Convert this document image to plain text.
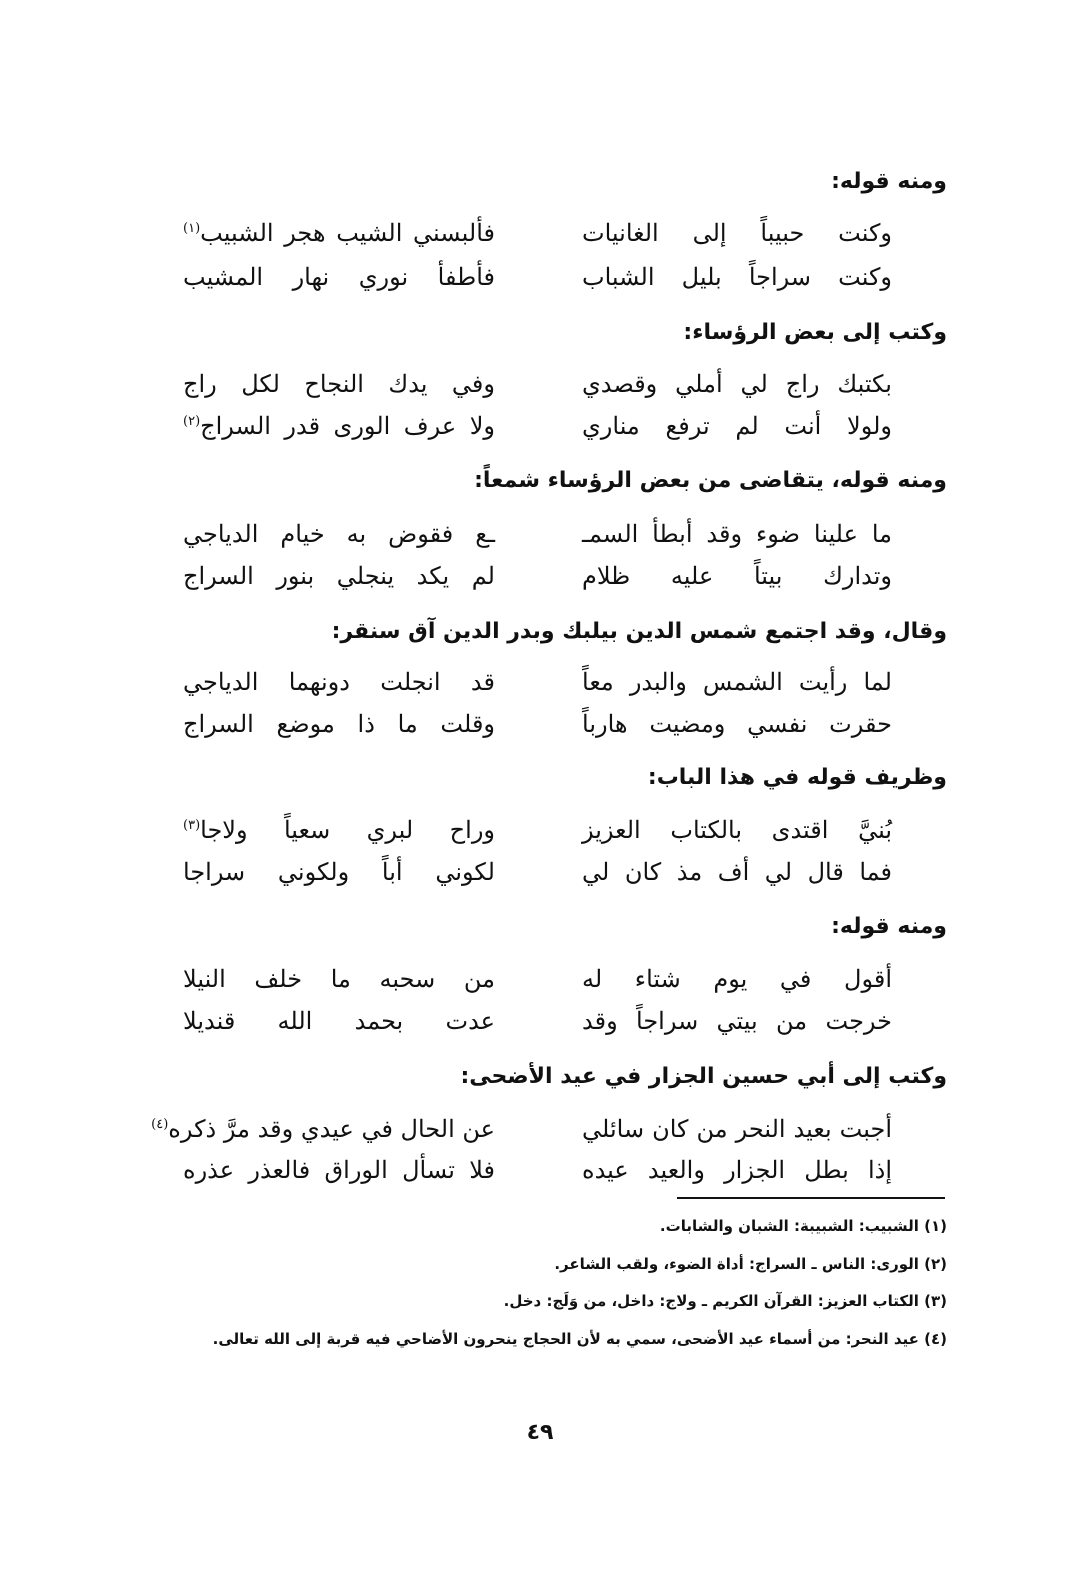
ومنه قوله:
وكنت حبيباً إلى الغانيات
فألبسني الشيب هجر الشبيب$^{(١)}$
وكنت سراجاً بليل الشباب
فأطفأ نوري نهار المشيب
وكتب إلى بعض الرؤساء:
بكتبك راج لي أملي وقصدي
وفي يدك النجاح لكل راج
ولولا أنت لم ترفع مناري
ولا عرف الورى قدر السراج$^{(٢)}$
ومنه قوله، يتقاضى من بعض الرؤساء شمعاً:
ما علينا ضوء وقد أبطأ السمـ
ـع فقوض به خيام الدياجي
وتدارك بيتاً عليه ظلام
لم يكد ينجلي بنور السراج
وقال، وقد اجتمع شمس الدين بيلبك وبدر الدين آق سنقر:
لما رأيت الشمس والبدر معاً
قد انجلت دونهما الدياجي
حقرت نفسي ومضيت هارباً
وقلت ما ذا موضع السراج
وظريف قوله في هذا الباب:
بُنيَّ اقتدى بالكتاب العزيز
وراح لبري سعياً ولاجا$^{(٣)}$
فما قال لي أف مذ كان لي
لكوني أباً ولكوني سراجا
ومنه قوله:
أقول في يوم شتاء له
من سحبه ما خلف النيلا
خرجت من بيتي سراجاً وقد
عدت بحمد الله قنديلا
وكتب إلى أبي حسين الجزار في عيد الأضحى:
أجبت بعيد النحر من كان سائلي
عن الحال في عيدي وقد مرَّ ذكره$^{(٤)}$
إذا بطل الجزار والعيد عيده
فلا تسأل الوراق فالعذر عذره
(١) الشبيب: الشبيبة: الشبان والشابات.
(٢) الورى: الناس ـ السراج: أداة الضوء، ولقب الشاعر.
(٣) الكتاب العزيز: القرآن الكريم ـ ولاج: داخل، من وَلَج: دخل.
(٤) عيد النحر: من أسماء عيد الأضحى، سمي به لأن الحجاج ينحرون الأضاحي فيه قربة إلى الله تعالى.
٤٩
